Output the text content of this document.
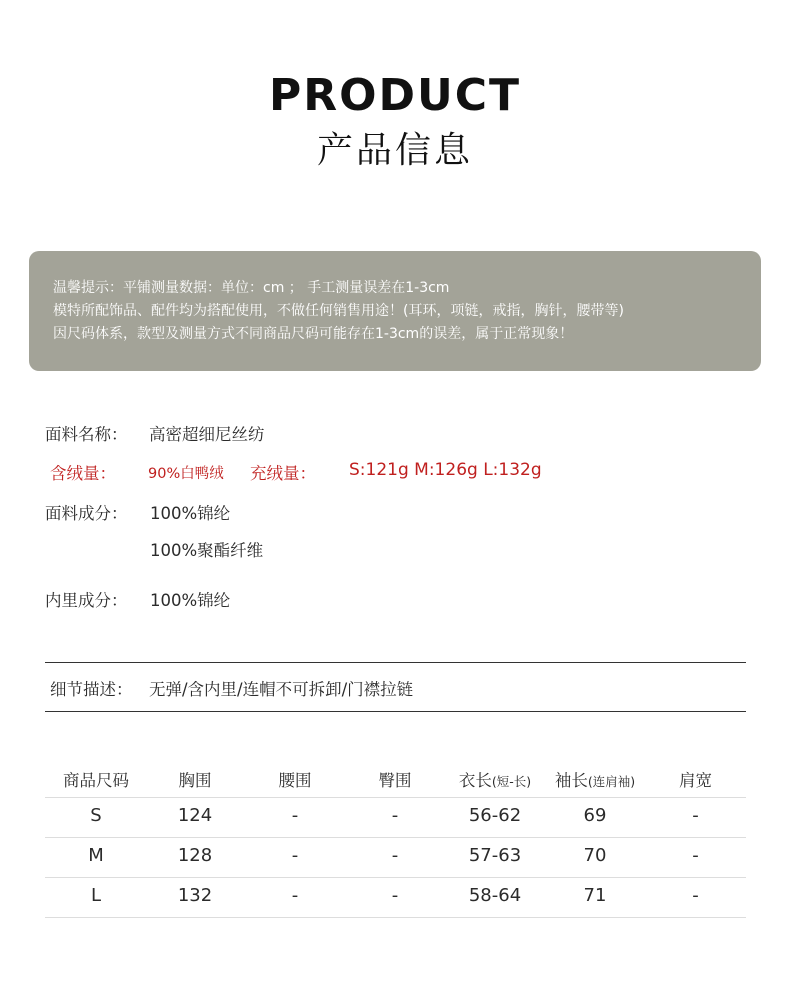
PRODUCT
产品信息
温馨提示：平铺测量数据：单位：cm ； 手工测量误差在1-3cm
模特所配饰品、配件均为搭配使用，不做任何销售用途！(耳环，项链，戒指，胸针，腰带等)
因尺码体系，款型及测量方式不同商品尺码可能存在1-3cm的误差，属于正常现象！
面料名称： 高密超细尼丝纺
含绒量： 90%白鸭绒 充绒量： S:121g M:126g L:132g
面料成分： 100%锦纶
100%聚酯纤维
内里成分： 100%锦纶
细节描述： 无弹/含内里/连帽不可拆卸/门襟拉链
商品尺码	胸围	腰围	臀围	衣长(短-长)	袖长(连肩袖)	肩宽
S	124	-	-	56-62	69	-
M	128	-	-	57-63	70	-
L	132	-	-	58-64	71	-
